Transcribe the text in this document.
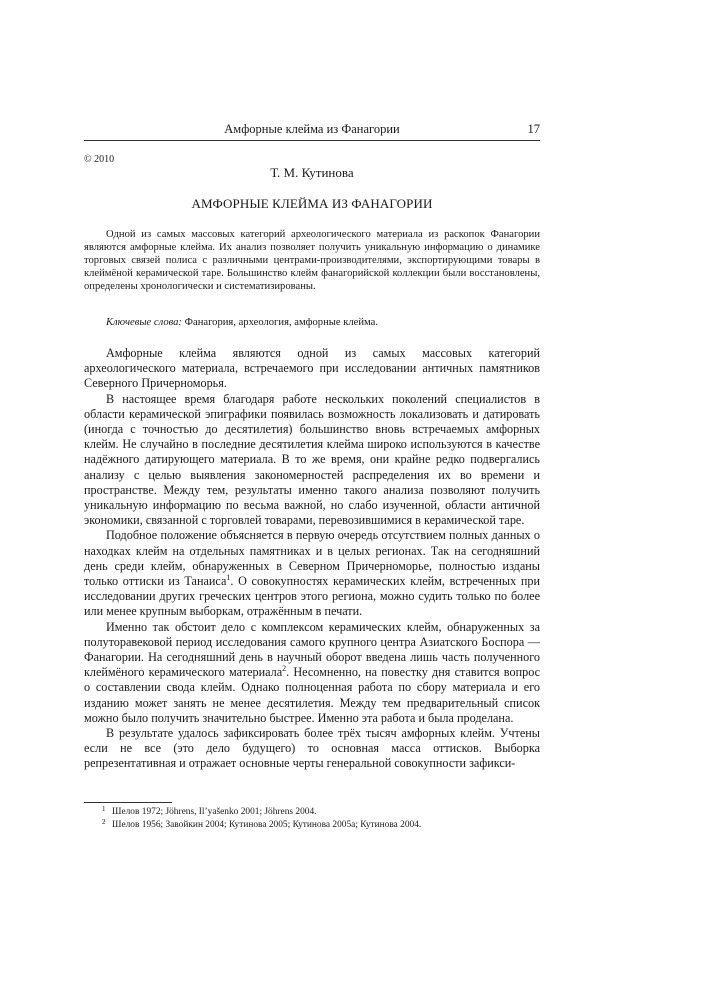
Амфорные клейма из Фанагории	17
© 2010
Т. М. Кутинова
АМФОРНЫЕ КЛЕЙМА ИЗ ФАНАГОРИИ

Одной из самых массовых категорий археологического материала из раскопок Фанагории являются амфорные клейма. Их анализ позволяет получить уникальную информацию о динамике торговых связей полиса с различными центрами-производителями, экспортирующими товары в клеймёной керамической таре. Большинство клейм фанагорийской коллекции были восстановлены, определены хронологически и систематизированы.

Ключевые слова: Фанагория, археология, амфорные клейма.

Амфорные клейма являются одной из самых массовых категорий археологического материала, встречаемого при исследовании античных памятников Северного Причерноморья.

В настоящее время благодаря работе нескольких поколений специалистов в области керамической эпиграфики появилась возможность локализовать и датировать (иногда с точностью до десятилетия) большинство вновь встречаемых амфорных клейм. Не случайно в последние десятилетия клейма широко используются в качестве надёжного датирующего материала. В то же время, они крайне редко подвергались анализу с целью выявления закономерностей распределения их во времени и пространстве. Между тем, результаты именно такого анализа позволяют получить уникальную информацию по весьма важной, но слабо изученной, области античной экономики, связанной с торговлей товарами, перевозившимися в керамической таре.

Подобное положение объясняется в первую очередь отсутствием полных данных о находках клейм на отдельных памятниках и в целых регионах. Так на сегодняшний день среди клейм, обнаруженных в Северном Причерноморье, полностью изданы только оттиски из Танаиса$^1$. О совокупностях керамических клейм, встреченных при исследовании других греческих центров этого региона, можно судить только по более или менее крупным выборкам, отражённым в печати.

Именно так обстоит дело с комплексом керамических клейм, обнаруженных за полуторавековой период исследования самого крупного центра Азиатского Боспора — Фанагории. На сегодняшний день в научный оборот введена лишь часть полученного клеймёного керамического материала$^2$. Несомненно, на повестку дня ставится вопрос о составлении свода клейм. Однако полноценная работа по сбору материала и его изданию может занять не менее десятилетия. Между тем предварительный список можно было получить значительно быстрее. Именно эта работа и была проделана.

В результате удалось зафиксировать более трёх тысяч амфорных клейм. Учтены если не все (это дело будущего) то основная масса оттисков. Выборка репрезентативная и отражает основные черты генеральной совокупности зафикси-

1 Шелов 1972; Jöhrens, Il’yašenko 2001; Jöhrens 2004.

2 Шелов 1956; Завойкин 2004; Кутинова 2005; Кутинова 2005а; Кутинова 2004.
